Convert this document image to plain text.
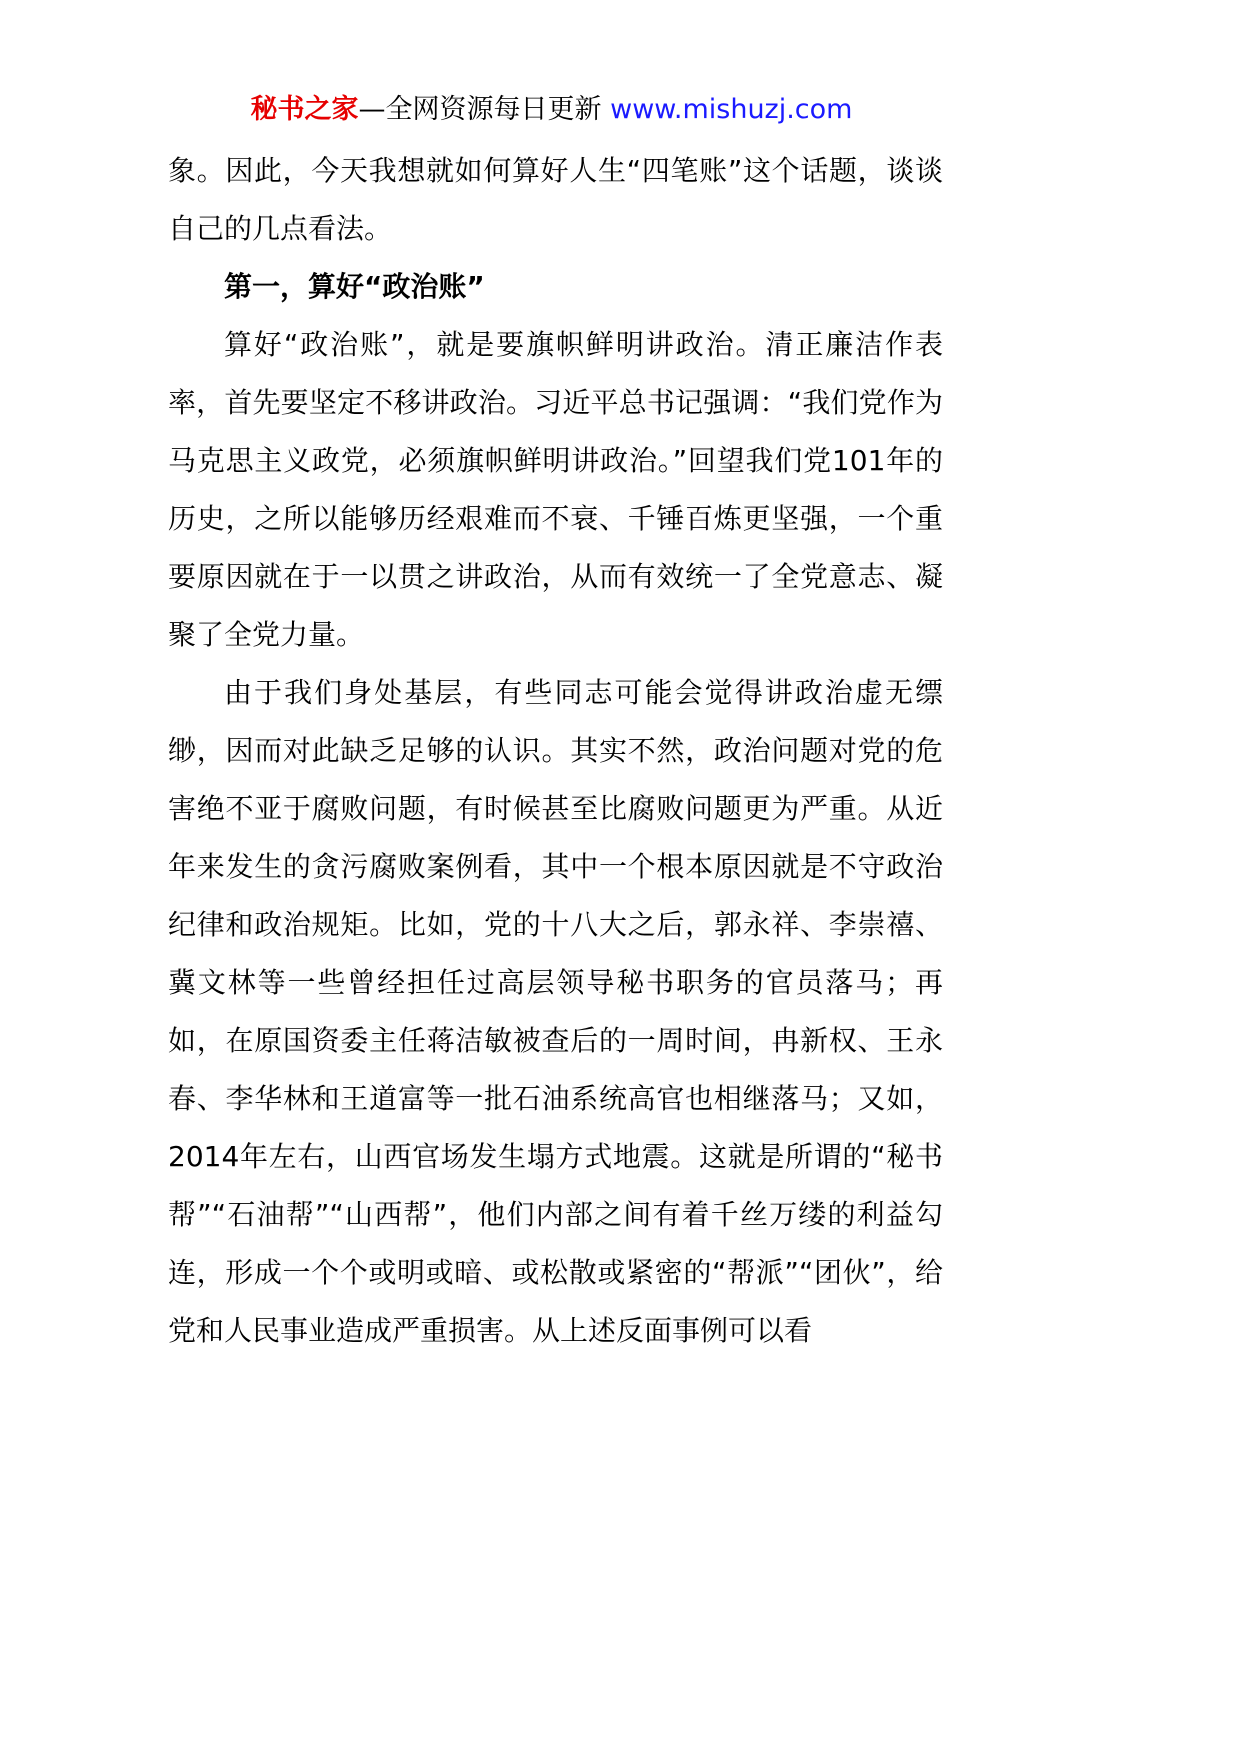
秘书之家—全网资源每日更新 www.mishuzj.com

象。因此，今天我想就如何算好人生“四笔账”这个话题，谈谈自己的几点看法。

第一，算好“政治账”

算好“政治账”，就是要旗帜鲜明讲政治。清正廉洁作表率，首先要坚定不移讲政治。习近平总书记强调：“我们党作为马克思主义政党，必须旗帜鲜明讲政治。”回望我们党101年的历史，之所以能够历经艰难而不衰、千锤百炼更坚强，一个重要原因就在于一以贯之讲政治，从而有效统一了全党意志、凝聚了全党力量。

由于我们身处基层，有些同志可能会觉得讲政治虚无缥缈，因而对此缺乏足够的认识。其实不然，政治问题对党的危害绝不亚于腐败问题，有时候甚至比腐败问题更为严重。从近年来发生的贪污腐败案例看，其中一个根本原因就是不守政治纪律和政治规矩。比如，党的十八大之后，郭永祥、李崇禧、冀文林等一些曾经担任过高层领导秘书职务的官员落马；再如，在原国资委主任蒋洁敏被查后的一周时间，冉新权、王永春、李华林和王道富等一批石油系统高官也相继落马；又如，2014年左右，山西官场发生塌方式地震。这就是所谓的“秘书帮”“石油帮”“山西帮”，他们内部之间有着千丝万缕的利益勾连，形成一个个或明或暗、或松散或紧密的“帮派”“团伙”，给党和人民事业造成严重损害。从上述反面事例可以看
